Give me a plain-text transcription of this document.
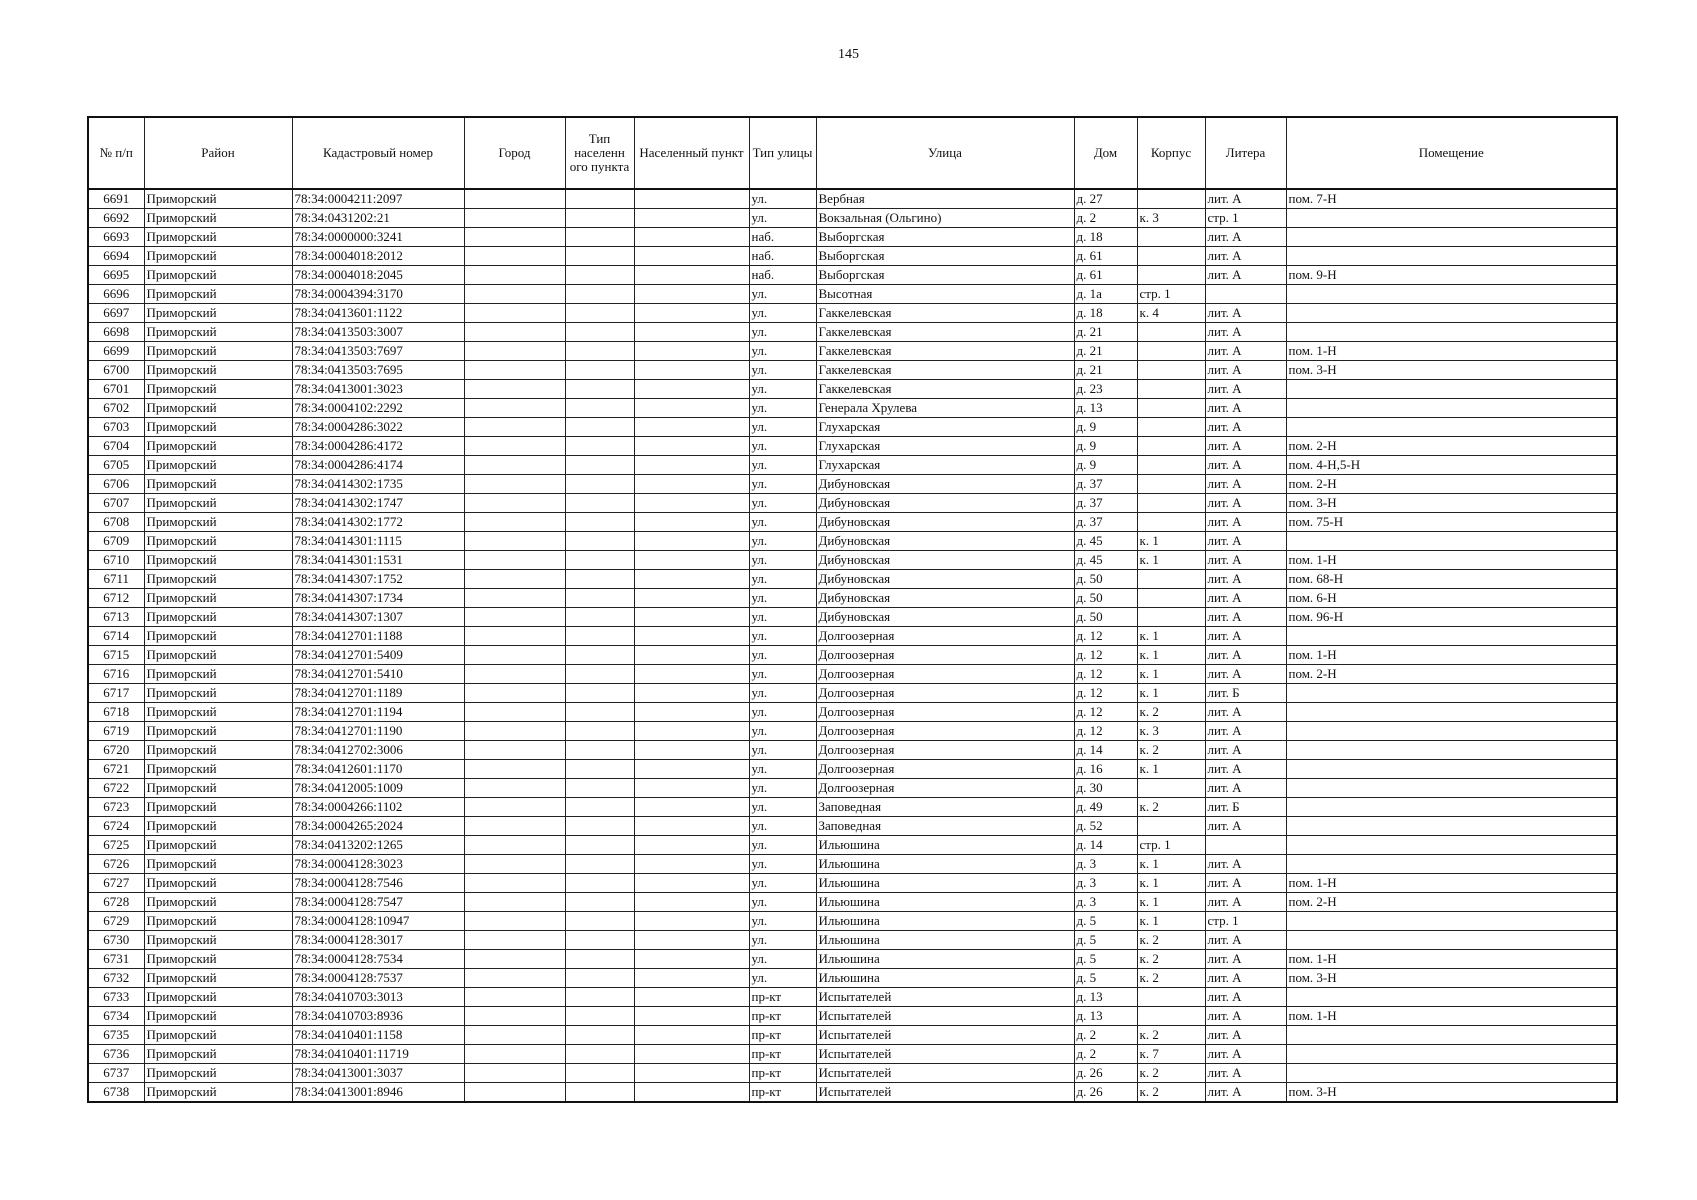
145
№ п/п	Район	Кадастровый номер	Город	Тип населенн ого пункта	Населенный пункт	Тип улицы	Улица	Дом	Корпус	Литера	Помещение
6691	Приморский	78:34:0004211:2097				ул.	Вербная	д. 27		лит. А	пом. 7-Н
6692	Приморский	78:34:0431202:21				ул.	Вокзальная (Ольгино)	д. 2	к. 3	стр. 1	
6693	Приморский	78:34:0000000:3241				наб.	Выборгская	д. 18		лит. А	
6694	Приморский	78:34:0004018:2012				наб.	Выборгская	д. 61		лит. А	
6695	Приморский	78:34:0004018:2045				наб.	Выборгская	д. 61		лит. А	пом. 9-Н
6696	Приморский	78:34:0004394:3170				ул.	Высотная	д. 1а	стр. 1		
6697	Приморский	78:34:0413601:1122				ул.	Гаккелевская	д. 18	к. 4	лит. А	
6698	Приморский	78:34:0413503:3007				ул.	Гаккелевская	д. 21		лит. А	
6699	Приморский	78:34:0413503:7697				ул.	Гаккелевская	д. 21		лит. А	пом. 1-Н
6700	Приморский	78:34:0413503:7695				ул.	Гаккелевская	д. 21		лит. А	пом. 3-Н
6701	Приморский	78:34:0413001:3023				ул.	Гаккелевская	д. 23		лит. А	
6702	Приморский	78:34:0004102:2292				ул.	Генерала Хрулева	д. 13		лит. А	
6703	Приморский	78:34:0004286:3022				ул.	Глухарская	д. 9		лит. А	
6704	Приморский	78:34:0004286:4172				ул.	Глухарская	д. 9		лит. А	пом. 2-Н
6705	Приморский	78:34:0004286:4174				ул.	Глухарская	д. 9		лит. А	пом. 4-Н,5-Н
6706	Приморский	78:34:0414302:1735				ул.	Дибуновская	д. 37		лит. А	пом. 2-Н
6707	Приморский	78:34:0414302:1747				ул.	Дибуновская	д. 37		лит. А	пом. 3-Н
6708	Приморский	78:34:0414302:1772				ул.	Дибуновская	д. 37		лит. А	пом. 75-Н
6709	Приморский	78:34:0414301:1115				ул.	Дибуновская	д. 45	к. 1	лит. А	
6710	Приморский	78:34:0414301:1531				ул.	Дибуновская	д. 45	к. 1	лит. А	пом. 1-Н
6711	Приморский	78:34:0414307:1752				ул.	Дибуновская	д. 50		лит. А	пом. 68-Н
6712	Приморский	78:34:0414307:1734				ул.	Дибуновская	д. 50		лит. А	пом. 6-Н
6713	Приморский	78:34:0414307:1307				ул.	Дибуновская	д. 50		лит. А	пом. 96-Н
6714	Приморский	78:34:0412701:1188				ул.	Долгоозерная	д. 12	к. 1	лит. А	
6715	Приморский	78:34:0412701:5409				ул.	Долгоозерная	д. 12	к. 1	лит. А	пом. 1-Н
6716	Приморский	78:34:0412701:5410				ул.	Долгоозерная	д. 12	к. 1	лит. А	пом. 2-Н
6717	Приморский	78:34:0412701:1189				ул.	Долгоозерная	д. 12	к. 1	лит. Б	
6718	Приморский	78:34:0412701:1194				ул.	Долгоозерная	д. 12	к. 2	лит. А	
6719	Приморский	78:34:0412701:1190				ул.	Долгоозерная	д. 12	к. 3	лит. А	
6720	Приморский	78:34:0412702:3006				ул.	Долгоозерная	д. 14	к. 2	лит. А	
6721	Приморский	78:34:0412601:1170				ул.	Долгоозерная	д. 16	к. 1	лит. А	
6722	Приморский	78:34:0412005:1009				ул.	Долгоозерная	д. 30		лит. А	
6723	Приморский	78:34:0004266:1102				ул.	Заповедная	д. 49	к. 2	лит. Б	
6724	Приморский	78:34:0004265:2024				ул.	Заповедная	д. 52		лит. А	
6725	Приморский	78:34:0413202:1265				ул.	Ильюшина	д. 14	стр. 1		
6726	Приморский	78:34:0004128:3023				ул.	Ильюшина	д. 3	к. 1	лит. А	
6727	Приморский	78:34:0004128:7546				ул.	Ильюшина	д. 3	к. 1	лит. А	пом. 1-Н
6728	Приморский	78:34:0004128:7547				ул.	Ильюшина	д. 3	к. 1	лит. А	пом. 2-Н
6729	Приморский	78:34:0004128:10947				ул.	Ильюшина	д. 5	к. 1	стр. 1	
6730	Приморский	78:34:0004128:3017				ул.	Ильюшина	д. 5	к. 2	лит. А	
6731	Приморский	78:34:0004128:7534				ул.	Ильюшина	д. 5	к. 2	лит. А	пом. 1-Н
6732	Приморский	78:34:0004128:7537				ул.	Ильюшина	д. 5	к. 2	лит. А	пом. 3-Н
6733	Приморский	78:34:0410703:3013				пр-кт	Испытателей	д. 13		лит. А	
6734	Приморский	78:34:0410703:8936				пр-кт	Испытателей	д. 13		лит. А	пом. 1-Н
6735	Приморский	78:34:0410401:1158				пр-кт	Испытателей	д. 2	к. 2	лит. А	
6736	Приморский	78:34:0410401:11719				пр-кт	Испытателей	д. 2	к. 7	лит. А	
6737	Приморский	78:34:0413001:3037				пр-кт	Испытателей	д. 26	к. 2	лит. А	
6738	Приморский	78:34:0413001:8946				пр-кт	Испытателей	д. 26	к. 2	лит. А	пом. 3-Н
